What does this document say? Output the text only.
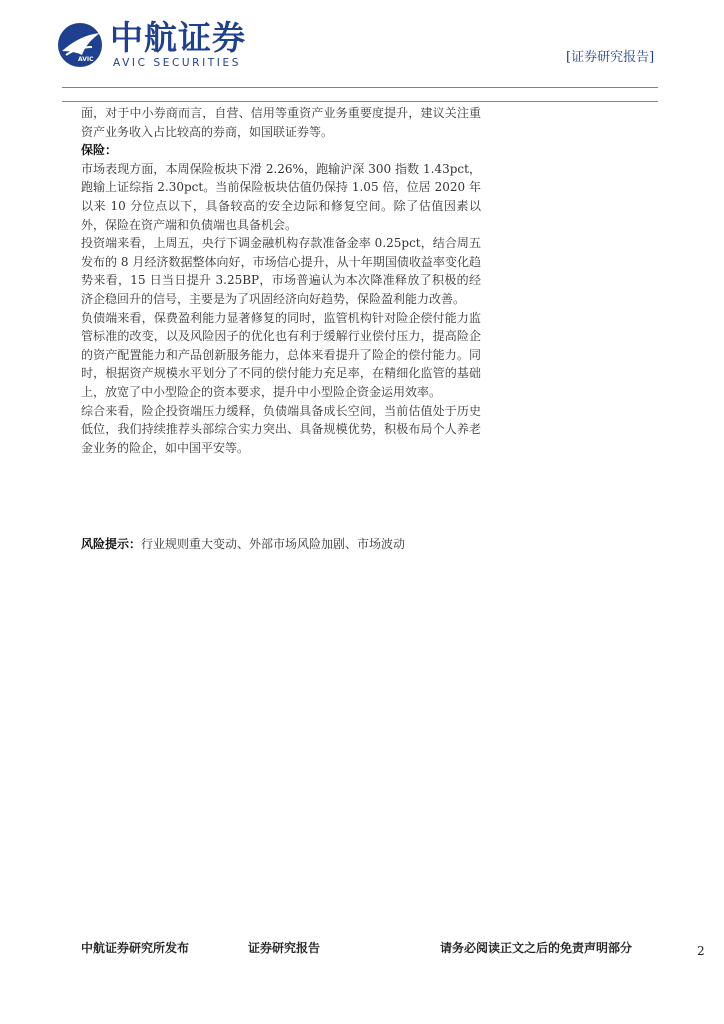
AVIC
中航证券
AVIC SECURITIES	[证券研究报告]

面，对于中小券商而言，自营、信用等重资产业务重要度提升，建议关注重资产业务收入占比较高的券商，如国联证券等。

保险：

市场表现方面，本周保险板块下滑 2.26%，跑输沪深 300 指数 1.43pct，跑输上证综指 2.30pct。当前保险板块估值仍保持 1.05 倍，位居 2020 年以来 10 分位点以下，具备较高的安全边际和修复空间。除了估值因素以外，保险在资产端和负债端也具备机会。

投资端来看，上周五，央行下调金融机构存款准备金率 0.25pct，结合周五发布的 8 月经济数据整体向好，市场信心提升，从十年期国债收益率变化趋势来看，15 日当日提升 3.25BP，市场普遍认为本次降准释放了积极的经济企稳回升的信号，主要是为了巩固经济向好趋势，保险盈利能力改善。

负债端来看，保费盈利能力显著修复的同时，监管机构针对险企偿付能力监管标准的改变，以及风险因子的优化也有利于缓解行业偿付压力，提高险企的资产配置能力和产品创新服务能力，总体来看提升了险企的偿付能力。同时，根据资产规模水平划分了不同的偿付能力充足率，在精细化监管的基础上，放宽了中小型险企的资本要求，提升中小型险企资金运用效率。

综合来看，险企投资端压力缓释，负债端具备成长空间，当前估值处于历史低位，我们持续推荐头部综合实力突出、具备规模优势，积极布局个人养老金业务的险企，如中国平安等。

风险提示：行业规则重大变动、外部市场风险加剧、市场波动
中航证券研究所发布	证券研究报告	请务必阅读正文之后的免责声明部分	2
